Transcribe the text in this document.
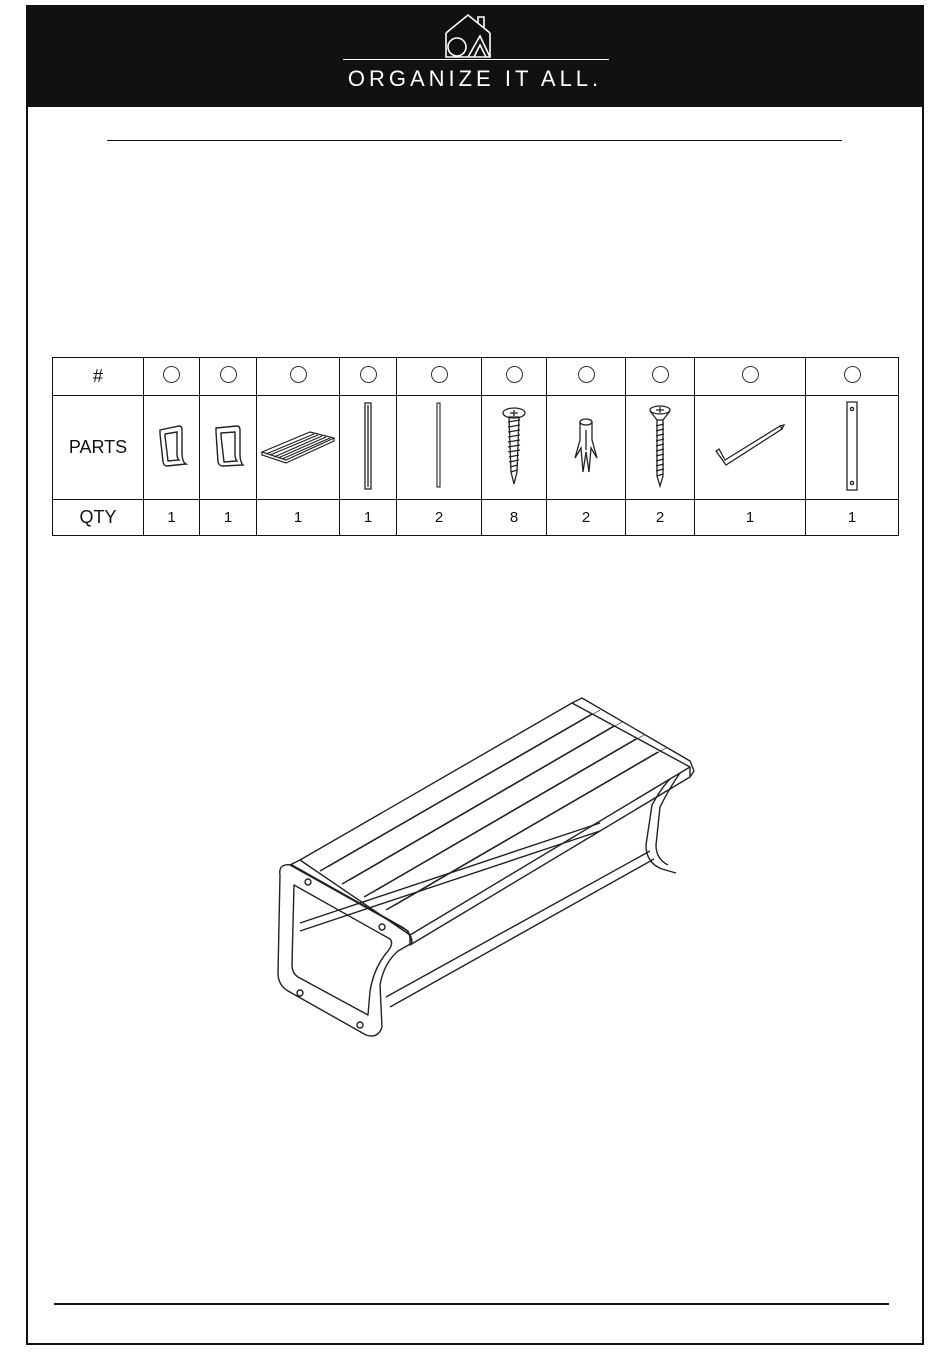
ORGANIZE IT ALL.
#										
PARTS										
QTY	1	1	1	1	2	8	2	2	1	1
